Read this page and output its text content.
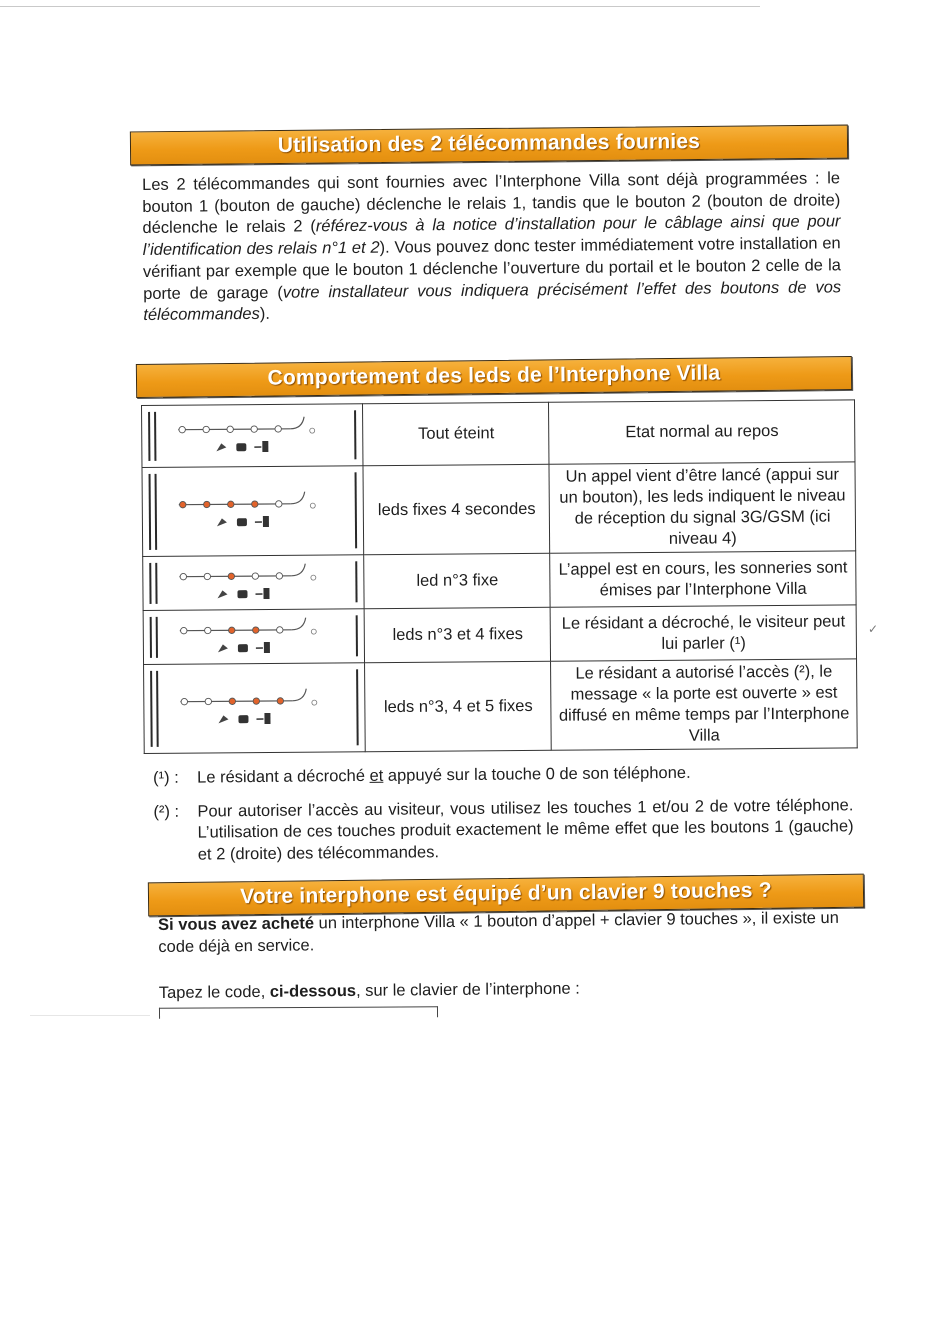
Utilisation des 2 télécommandes fournies
Les 2 télécommandes qui sont fournies avec l’Interphone Villa sont déjà programmées : le bouton 1 (bouton de gauche) déclenche le relais 1, tandis que le bouton 2 (bouton de droite) déclenche le relais 2 (référez-vous à la notice d’installation pour le câblage ainsi que pour l’identification des relais n°1 et 2). Vous pouvez donc tester immédiatement votre installation en vérifiant par exemple que le bouton 1 déclenche l’ouverture du portail et le bouton 2 celle de la porte de garage (votre installateur vous indiquera précisément l’effet des boutons de vos télécommandes).
Comportement des leds de l’Interphone Villa
	Tout éteint	Etat normal au repos

	leds fixes 4 secondes	Un appel vient d’être lancé (appui sur un bouton), les leds indiquent le niveau de réception du signal 3G/GSM (ici niveau 4)

	led n°3 fixe	L’appel est en cours, les sonneries sont émises par l’Interphone Villa

	leds n°3 et 4 fixes	Le résidant a décroché, le visiteur peut lui parler (¹)

	leds n°3, 4 et 5 fixes	Le résidant a autorisé l’accès (²), le message « la porte est ouverte » est diffusé en même temps par l’Interphone Villa
(¹) :	Le résidant a décroché et appuyé sur la touche 0 de son téléphone.
(²) :	Pour autoriser l’accès au visiteur, vous utilisez les touches 1 et/ou 2 de votre téléphone. L’utilisation de ces touches produit exactement le même effet que les boutons 1 (gauche) et 2 (droite) des télécommandes.
Votre interphone est équipé d’un clavier 9 touches ?

Si vous avez acheté un interphone Villa « 1 bouton d’appel + clavier 9 touches », il existe un code déjà en service.

Tapez le code, ci-dessous, sur le clavier de l’interphone :

✓
